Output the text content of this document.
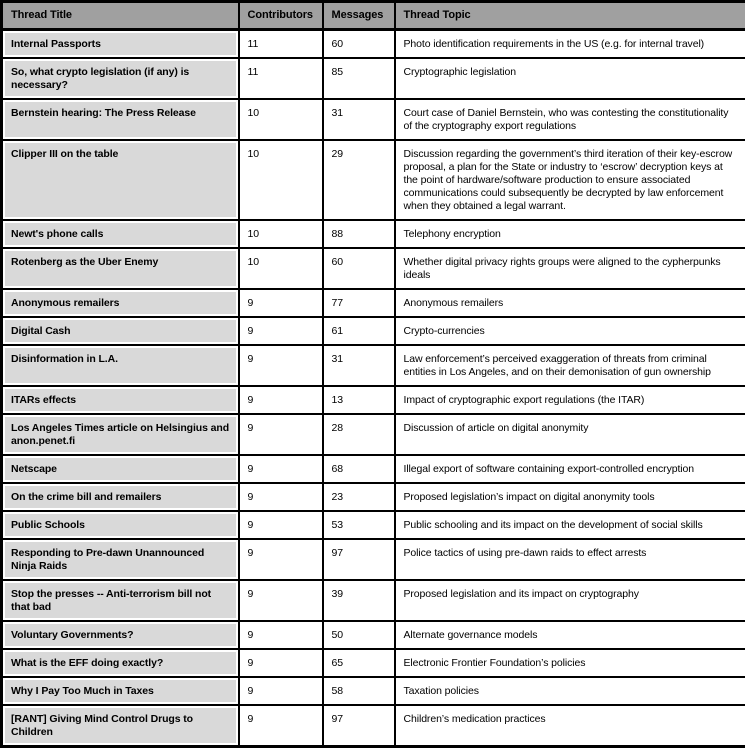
Thread Title	Contributors	Messages	Thread Topic
Internal Passports	11	60	Photo identification requirements in the US (e.g. for internal travel)
So, what crypto legislation (if any) is necessary?	11	85	Cryptographic legislation
Bernstein hearing: The Press Release	10	31	Court case of Daniel Bernstein, who was contesting the constitutionality of the cryptography export regulations
Clipper III on the table	10	29	Discussion regarding the government’s third iteration of their key-escrow proposal, a plan for the State or industry to ‘escrow’ decryption keys at the point of hardware/software production to ensure associated communications could subsequently be decrypted by law enforcement when they obtained a legal warrant.
Newt's phone calls	10	88	Telephony encryption
Rotenberg as the Uber Enemy	10	60	Whether digital privacy rights groups were aligned to the cypherpunks ideals
Anonymous remailers	9	77	Anonymous remailers
Digital Cash	9	61	Crypto-currencies
Disinformation in L.A.	9	31	Law enforcement’s perceived exaggeration of threats from criminal entities in Los Angeles, and on their demonisation of gun ownership
ITARs effects	9	13	Impact of cryptographic export regulations (the ITAR)
Los Angeles Times article on Helsingius and anon.penet.fi	9	28	Discussion of article on digital anonymity
Netscape	9	68	Illegal export of software containing export-controlled encryption
On the crime bill and remailers	9	23	Proposed legislation’s impact on digital anonymity tools
Public Schools	9	53	Public schooling and its impact on the development of social skills
Responding to Pre-dawn Unannounced Ninja Raids	9	97	Police tactics of using pre-dawn raids to effect arrests
Stop the presses -- Anti-terrorism bill not that bad	9	39	Proposed legislation and its impact on cryptography
Voluntary Governments?	9	50	Alternate governance models
What is the EFF doing exactly?	9	65	Electronic Frontier Foundation’s policies
Why I Pay Too Much in Taxes	9	58	Taxation policies
[RANT] Giving Mind Control Drugs to Children	9	97	Children’s medication practices
